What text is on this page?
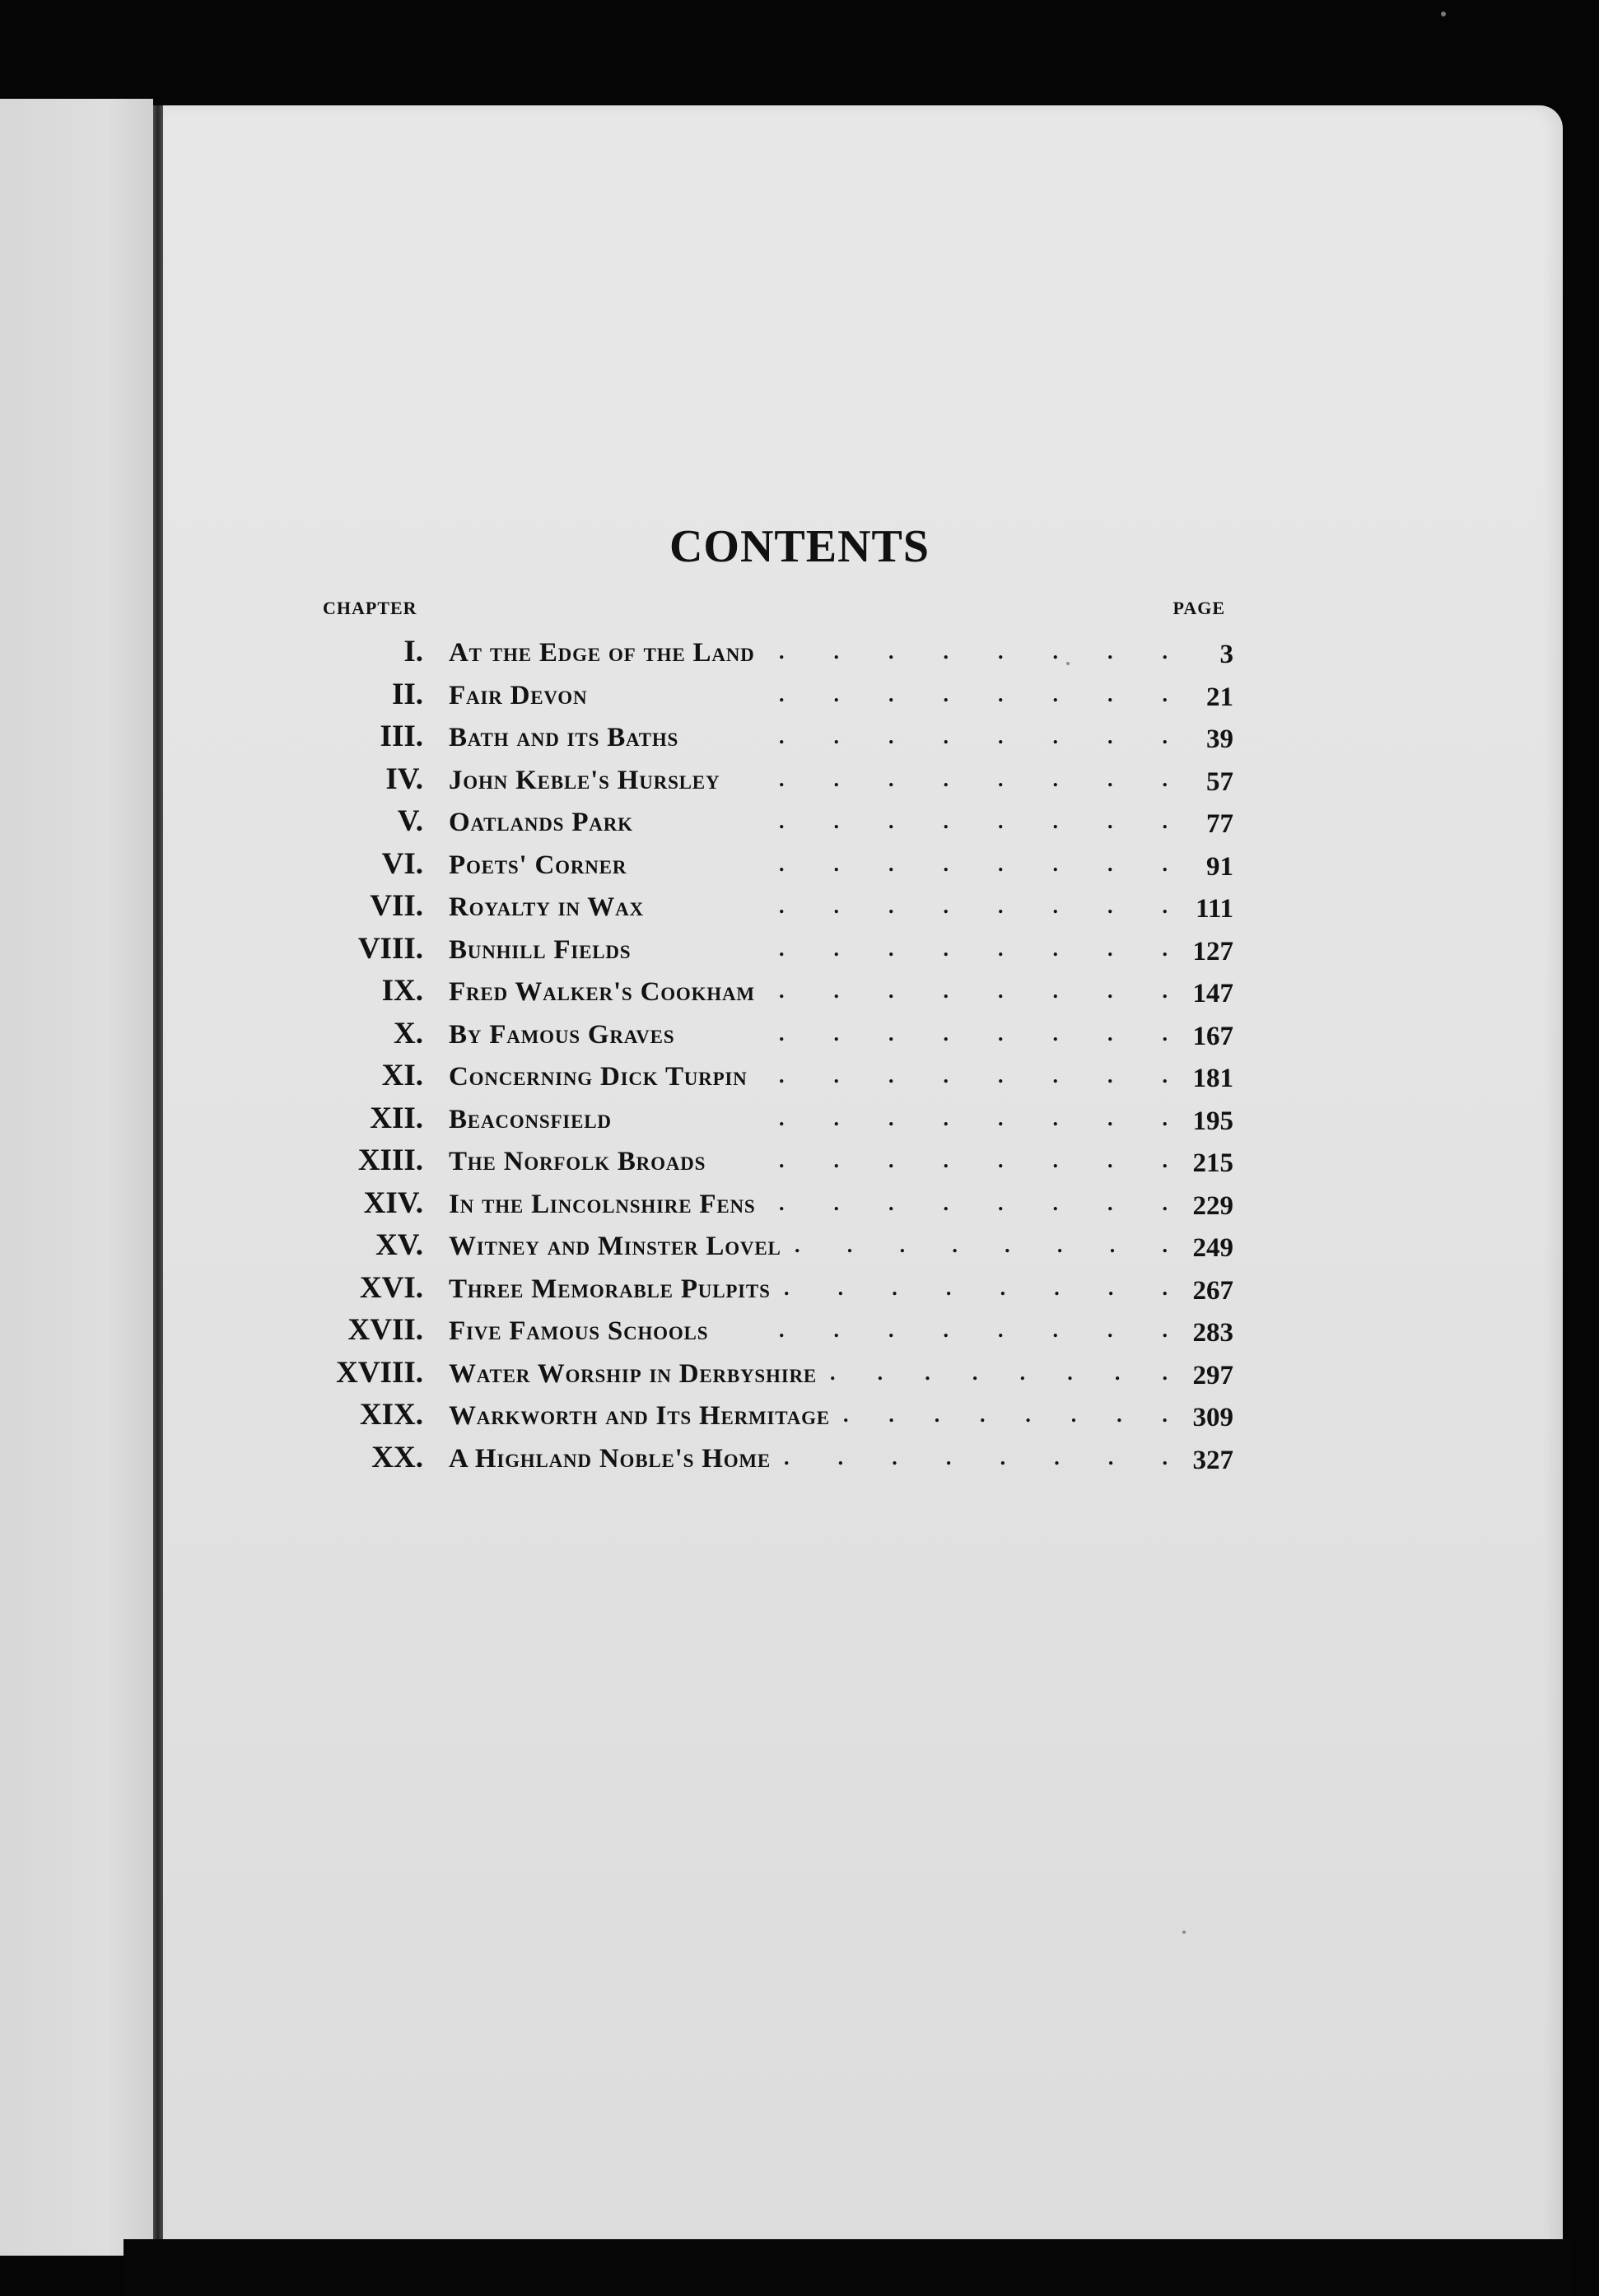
CONTENTS
CHAPTER	PAGE
I. At the Edge of the Land . . . . . . . .	3
II. Fair Devon	. . . . . . . .	21
III. Bath and its Baths	. . . . . . . .	39
IV. John Keble's Hursley	. . . . . . . .	57
V. Oatlands Park	. . . . . . . .	77
VI. Poets' Corner	. . . . . . . .	91
VII. Royalty in Wax	. . . . . . . .	111
VIII. Bunhill Fields	. . . . . . . . 127
IX. Fred Walker's Cookham . . . . . . . . 147
X. By Famous Graves	. . . . . . . . 167
XI. Concerning Dick Turpin . . . . . . . . 181
XII. Beaconsfield	. . . . . . . . 195
XIII. The Norfolk Broads	. . . . . . . . 215
XIV. In the Lincolnshire Fens . . . . . . . . 229
XV. Witney and Minster Lovel . . . . . . . . 249
XVI. Three Memorable Pulpits . . . . . . . . 267
XVII. Five Famous Schools	. . . . . . . . 283
XVIII. Water Worship in Derbyshire . . . . . . . . 297
XIX. Warkworth and Its Hermitage . . . . . . . . 309
XX. A Highland Noble's Home . . . . . . . . 327
